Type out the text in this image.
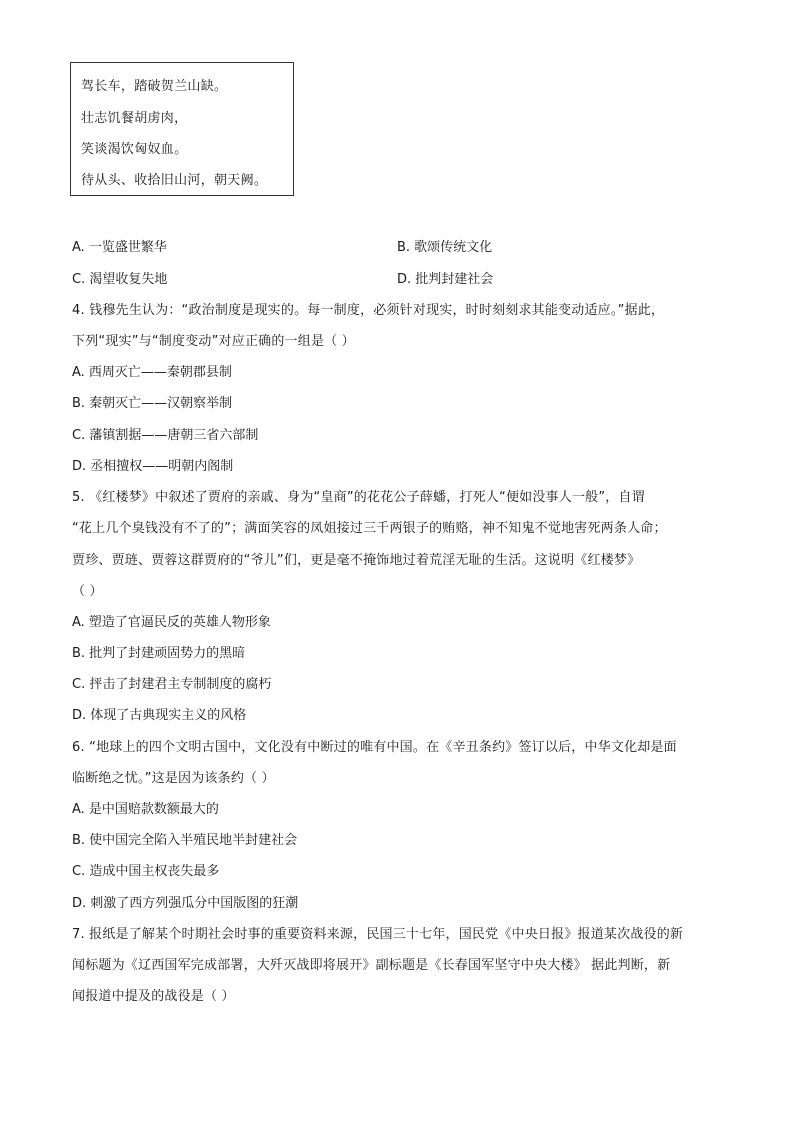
驾长车，踏破贺兰山缺。
壮志饥餐胡虏肉，
笑谈渴饮匈奴血。
待从头、收拾旧山河，朝天阙。
A. 一览盛世繁华	B. 歌颂传统文化
C. 渴望收复失地	D. 批判封建社会
4. 钱穆先生认为：“政治制度是现实的。每一制度，必须针对现实，时时刻刻求其能变动适应。”据此，
下列“现实”与“制度变动”对应正确的一组是（ ）
A. 西周灭亡——秦朝郡县制
B. 秦朝灭亡——汉朝察举制
C. 藩镇割据——唐朝三省六部制
D. 丞相擅权——明朝内阁制
5. 《红楼梦》中叙述了贾府的亲戚、身为“皇商”的花花公子薛蟠，打死人“便如没事人一般”，自谓
“花上几个臭钱没有不了的”；满面笑容的凤姐接过三千两银子的贿赂，神不知鬼不觉地害死两条人命；
贾珍、贾琏、贾蓉这群贾府的“爷儿”们，更是毫不掩饰地过着荒淫无耻的生活。这说明《红楼梦》
（ ）
A. 塑造了官逼民反的英雄人物形象
B. 批判了封建顽固势力的黑暗
C. 抨击了封建君主专制制度的腐朽
D. 体现了古典现实主义的风格
6. “地球上的四个文明古国中，文化没有中断过的唯有中国。在《辛丑条约》签订以后，中华文化却是面
临断绝之忧。”这是因为该条约（ ）
A. 是中国赔款数额最大的
B. 使中国完全陷入半殖民地半封建社会
C. 造成中国主权丧失最多
D. 刺激了西方列强瓜分中国版图的狂潮
7. 报纸是了解某个时期社会时事的重要资料来源，民国三十七年，国民党《中央日报》报道某次战役的新
闻标题为《辽西国军完成部署，大歼灭战即将展开》副标题是《长春国军坚守中央大楼》 据此判断，新
闻报道中提及的战役是（ ）
